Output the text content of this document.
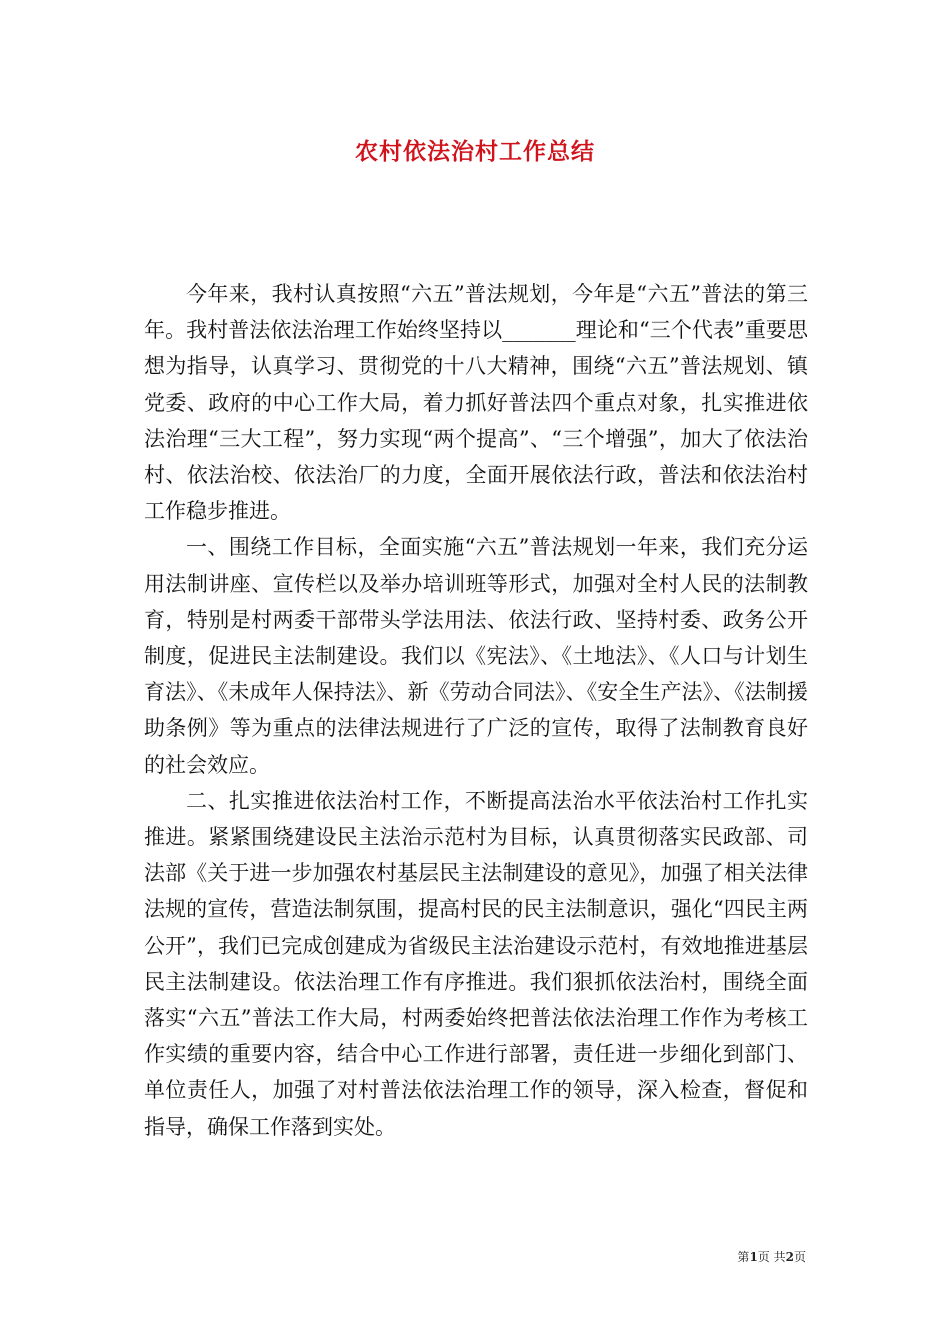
农村依法治村工作总结

今年来，我村认真按照“六五”普法规划，今年是“六五”普法的第三年。我村普法依法治理工作始终坚持以_______理论和“三个代表”重要思想为指导，认真学习、贯彻党的十八大精神，围绕“六五”普法规划、镇党委、政府的中心工作大局，着力抓好普法四个重点对象，扎实推进依法治理“三大工程”，努力实现“两个提高”、“三个增强”，加大了依法治村、依法治校、依法治厂的力度，全面开展依法行政，普法和依法治村工作稳步推进。

一、围绕工作目标，全面实施“六五”普法规划一年来，我们充分运用法制讲座、宣传栏以及举办培训班等形式，加强对全村人民的法制教育，特别是村两委干部带头学法用法、依法行政、坚持村委、政务公开制度，促进民主法制建设。我们以《宪法》、《土地法》、《人口与计划生育法》、《未成年人保持法》、新《劳动合同法》、《安全生产法》、《法制援助条例》等为重点的法律法规进行了广泛的宣传，取得了法制教育良好的社会效应。

二、扎实推进依法治村工作，不断提高法治水平依法治村工作扎实推进。紧紧围绕建设民主法治示范村为目标，认真贯彻落实民政部、司法部《关于进一步加强农村基层民主法制建设的意见》，加强了相关法律法规的宣传，营造法制氛围，提高村民的民主法制意识，强化“四民主两公开”，我们已完成创建成为省级民主法治建设示范村，有效地推进基层民主法制建设。依法治理工作有序推进。我们狠抓依法治村，围绕全面落实“六五”普法工作大局，村两委始终把普法依法治理工作作为考核工作实绩的重要内容，结合中心工作进行部署，责任进一步细化到部门、单位责任人，加强了对村普法依法治理工作的领导，深入检查，督促和指导，确保工作落到实处。

第1页 共2页
